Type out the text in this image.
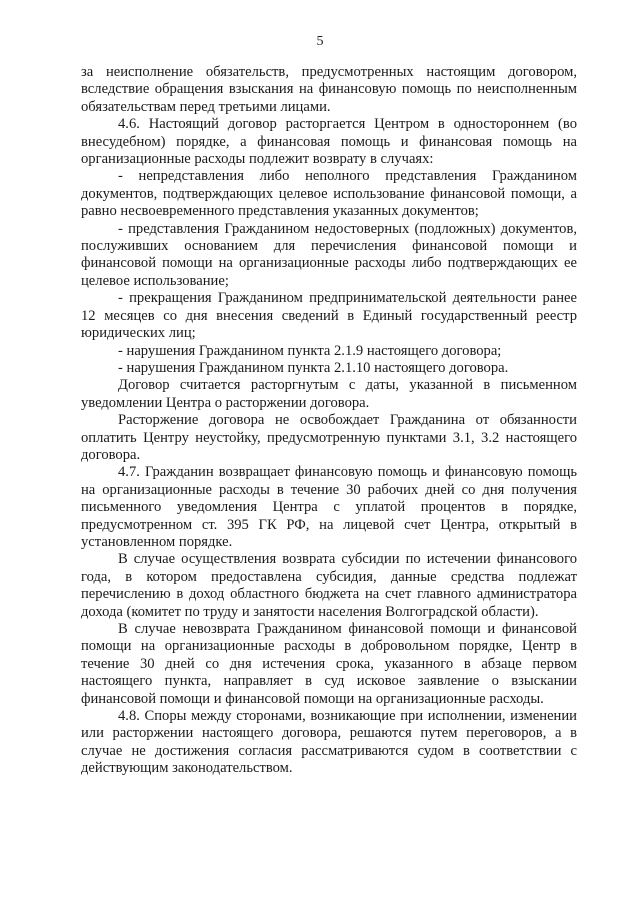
5

за неисполнение обязательств, предусмотренных настоящим договором, вследствие обращения взыскания на финансовую помощь по неисполненным обязательствам перед третьими лицами.

4.6. Настоящий договор расторгается Центром в одностороннем (во внесудебном) порядке, а финансовая помощь и финансовая помощь на организационные расходы подлежит возврату в случаях:

- непредставления либо неполного представления Гражданином документов, подтверждающих целевое использование финансовой помощи, а равно несвоевременного представления указанных документов;

- представления Гражданином недостоверных (подложных) документов, послуживших основанием для перечисления финансовой помощи и финансовой помощи на организационные расходы либо подтверждающих ее целевое использование;

- прекращения Гражданином предпринимательской деятельности ранее 12 месяцев со дня внесения сведений в Единый государственный реестр юридических лиц;

- нарушения Гражданином пункта 2.1.9 настоящего договора;

- нарушения Гражданином пункта 2.1.10 настоящего договора.

Договор считается расторгнутым с даты, указанной в письменном уведомлении Центра о расторжении договора.

Расторжение договора не освобождает Гражданина от обязанности оплатить Центру неустойку, предусмотренную пунктами 3.1, 3.2 настоящего договора.

4.7. Гражданин возвращает финансовую помощь и финансовую помощь на организационные расходы в течение 30 рабочих дней со дня получения письменного уведомления Центра с уплатой процентов в порядке, предусмотренном ст. 395 ГК РФ, на лицевой счет Центра, открытый в установленном порядке.

В случае осуществления возврата субсидии по истечении финансового года, в котором предоставлена субсидия, данные средства подлежат перечислению в доход областного бюджета на счет главного администратора дохода (комитет по труду и занятости населения Волгоградской области).

В случае невозврата Гражданином финансовой помощи и финансовой помощи на организационные расходы в добровольном порядке, Центр в течение 30 дней со дня истечения срока, указанного в абзаце первом настоящего пункта, направляет в суд исковое заявление о взыскании финансовой помощи и финансовой помощи на организационные расходы.

4.8. Споры между сторонами, возникающие при исполнении, изменении или расторжении настоящего договора, решаются путем переговоров, а в случае не достижения согласия рассматриваются судом в соответствии с действующим законодательством.
